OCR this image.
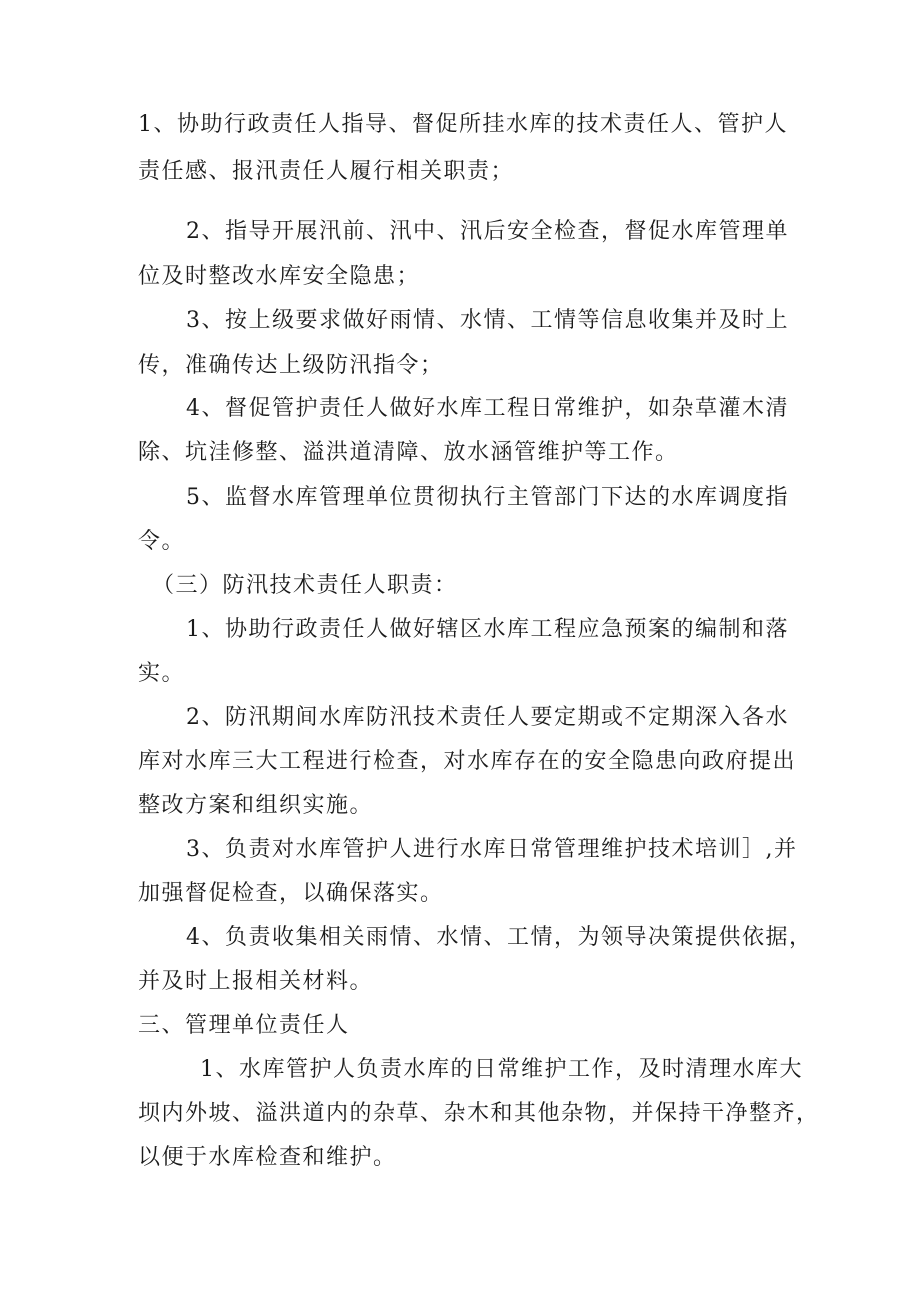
1、协助行政责任人指导、督促所挂水库的技术责任人、管护人
责任感、报汛责任人履行相关职责；
2、指导开展汛前、汛中、汛后安全检查，督促水库管理单
位及时整改水库安全隐患；
3、按上级要求做好雨情、水情、工情等信息收集并及时上
传，准确传达上级防汛指令；
4、督促管护责任人做好水库工程日常维护，如杂草灌木清
除、坑洼修整、溢洪道清障、放水涵管维护等工作。
5、监督水库管理单位贯彻执行主管部门下达的水库调度指
令。
（三）防汛技术责任人职责：
1、协助行政责任人做好辖区水库工程应急预案的编制和落
实。
2、防汛期间水库防汛技术责任人要定期或不定期深入各水
库对水库三大工程进行检查，对水库存在的安全隐患向政府提出
整改方案和组织实施。
3、负责对水库管护人进行水库日常管理维护技术培训］,并
加强督促检查，以确保落实。
4、负责收集相关雨情、水情、工情，为领导决策提供依据，
并及时上报相关材料。
三、管理单位责任人
1、水库管护人负责水库的日常维护工作，及时清理水库大
坝内外坡、溢洪道内的杂草、杂木和其他杂物，并保持干净整齐，
以便于水库检查和维护。
